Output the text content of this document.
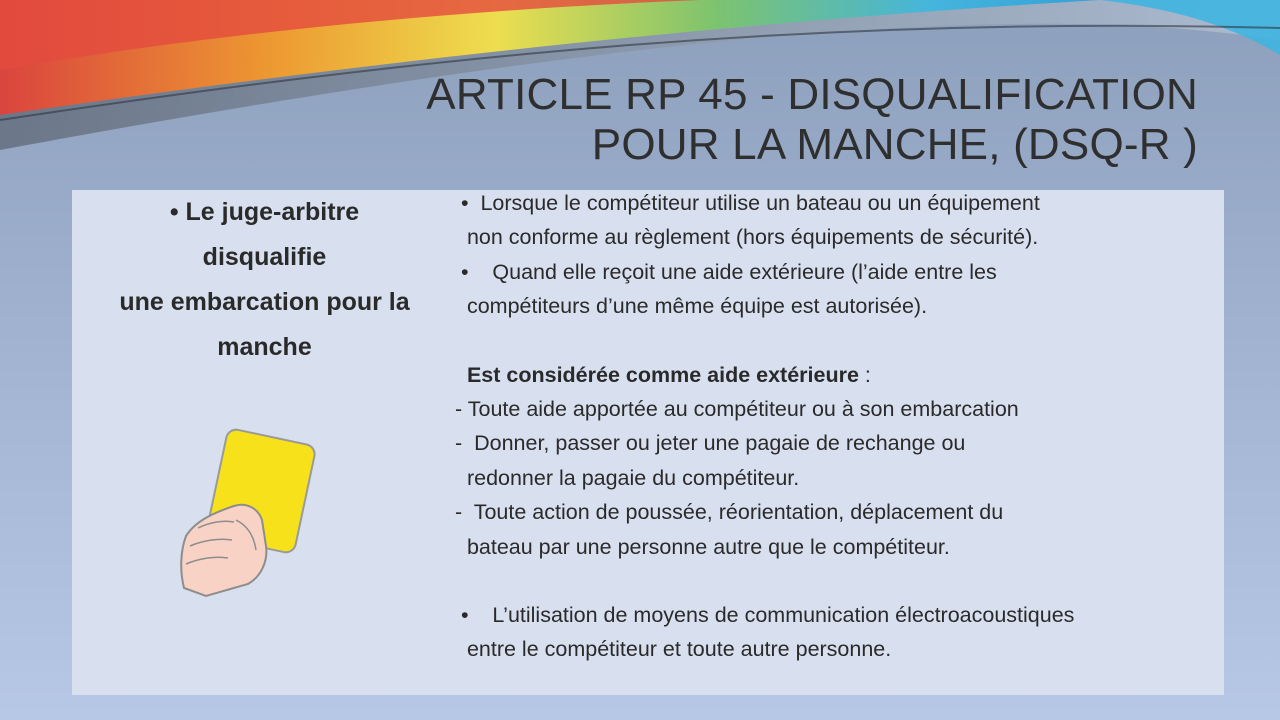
ARTICLE RP 45 - DISQUALIFICATION
POUR LA MANCHE, (DSQ-R )
• Le juge-arbitre
disqualifie
une embarcation pour la
manche
•  Lorsque le compétiteur utilise un bateau ou un équipement
non conforme au règlement (hors équipements de sécurité).
•    Quand elle reçoit une aide extérieure (l’aide entre les
compétiteurs d’une même équipe est autorisée).
Est considérée comme aide extérieure :
- Toute aide apportée au compétiteur ou à son embarcation
-  Donner, passer ou jeter une pagaie de rechange ou
redonner la pagaie du compétiteur.
-  Toute action de poussée, réorientation, déplacement du
bateau par une personne autre que le compétiteur.
•    L’utilisation de moyens de communication électroacoustiques
entre le compétiteur et toute autre personne.
